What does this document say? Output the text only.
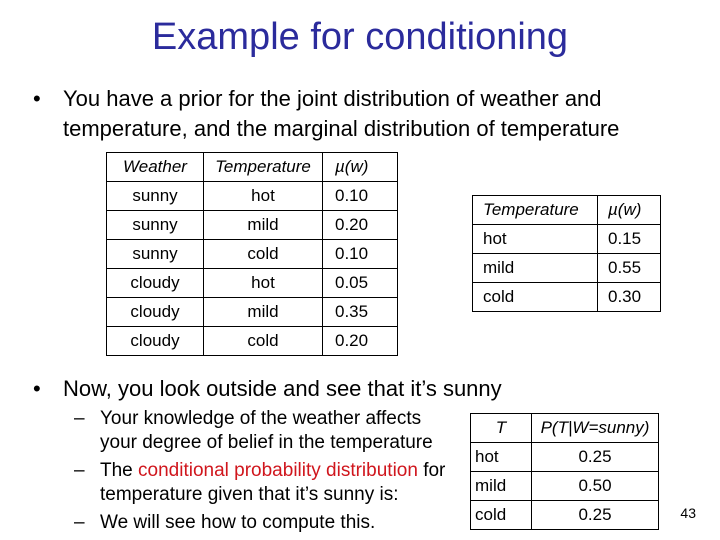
Example for conditioning
• You have a prior for the joint distribution of weather and temperature, and the marginal distribution of temperature
Weather	Temperature	µ(w)
sunny	hot	0.10
sunny	mild	0.20
sunny	cold	0.10
cloudy	hot	0.05
cloudy	mild	0.35
cloudy	cold	0.20
Temperature	µ(w)
hot	0.15
mild	0.55
cold	0.30
• Now, you look outside and see that it’s sunny
– Your knowledge of the weather affects your degree of belief in the temperature
– The conditional probability distribution for temperature given that it’s sunny is:
– We will see how to compute this.
T	P(T|W=sunny)
hot	0.25
mild	0.50
cold	0.25	43
